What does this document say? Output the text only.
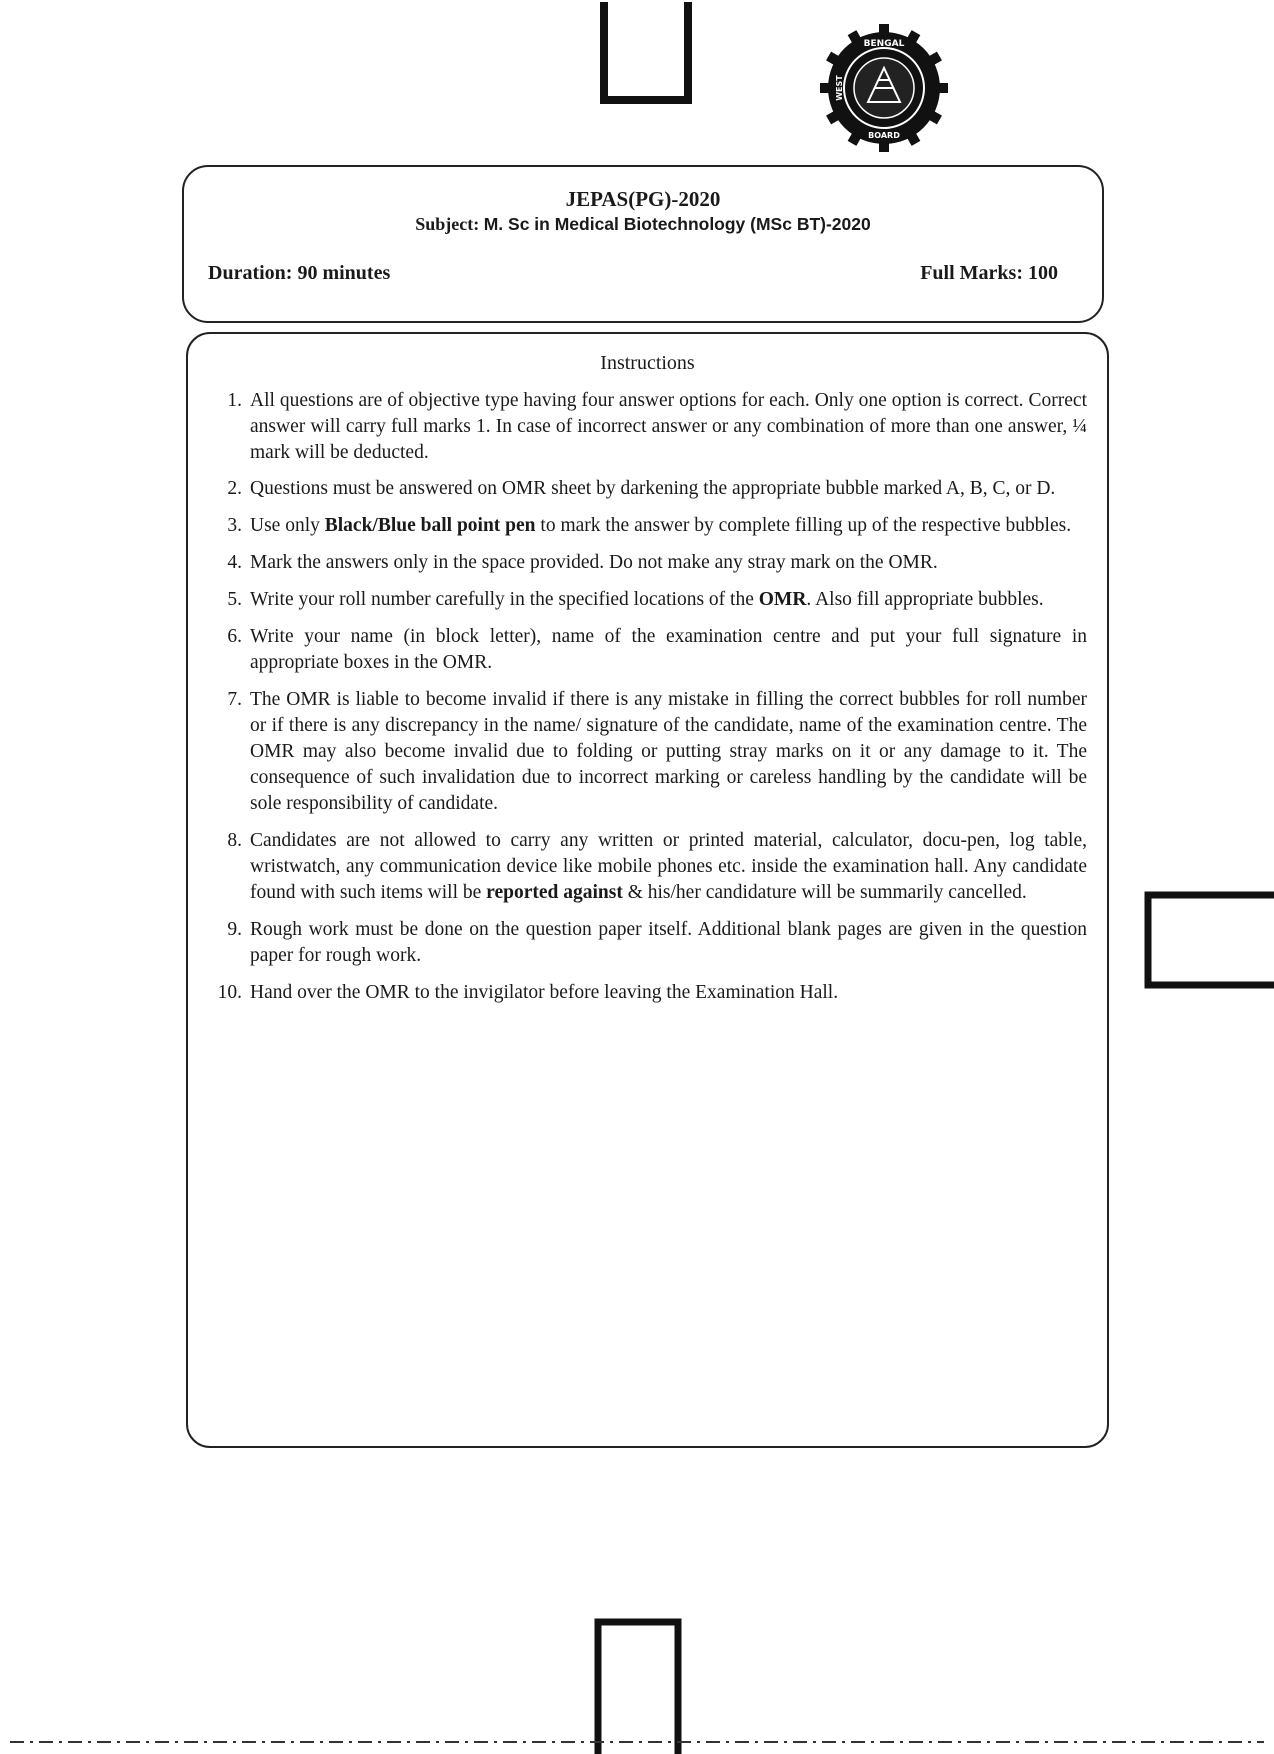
BENGAL
WEST
BOARD
JEPAS(PG)-2020
Subject: M. Sc in Medical Biotechnology (MSc BT)-2020
Duration: 90 minutes	Full Marks: 100
Instructions
1 . All questions are of objective type having four answer options for each. Only one option is correct. Correct answer will carry full marks 1. In case of incorrect answer or any combination of more than one answer, ¼ mark will be deducted.
2 . Questions must be answered on OMR sheet by darkening the appropriate bubble marked A, B, C, or D.
3 . Use only Black/Blue ball point pen to mark the answer by complete filling up of the respective bubbles.
4 . Mark the answers only in the space provided. Do not make any stray mark on the OMR.
5 . Write your roll number carefully in the specified locations of the OMR. Also fill appropriate bubbles.
6 . Write your name (in block letter), name of the examination centre and put your full signature in appropriate boxes in the OMR.
7 . The OMR is liable to become invalid if there is any mistake in filling the correct bubbles for roll number or if there is any discrepancy in the name/ signature of the candidate, name of the examination centre. The OMR may also become invalid due to folding or putting stray marks on it or any damage to it. The consequence of such invalidation due to incorrect marking or careless handling by the candidate will be sole responsibility of candidate.
8 . Candidates are not allowed to carry any written or printed material, calculator, docu-pen, log table, wristwatch, any communication device like mobile phones etc. inside the examination hall. Any candidate found with such items will be reported against & his/her candidature will be summarily cancelled.
9 . Rough work must be done on the question paper itself. Additional blank pages are given in the question paper for rough work.
10 . Hand over the OMR to the invigilator before leaving the Examination Hall.
